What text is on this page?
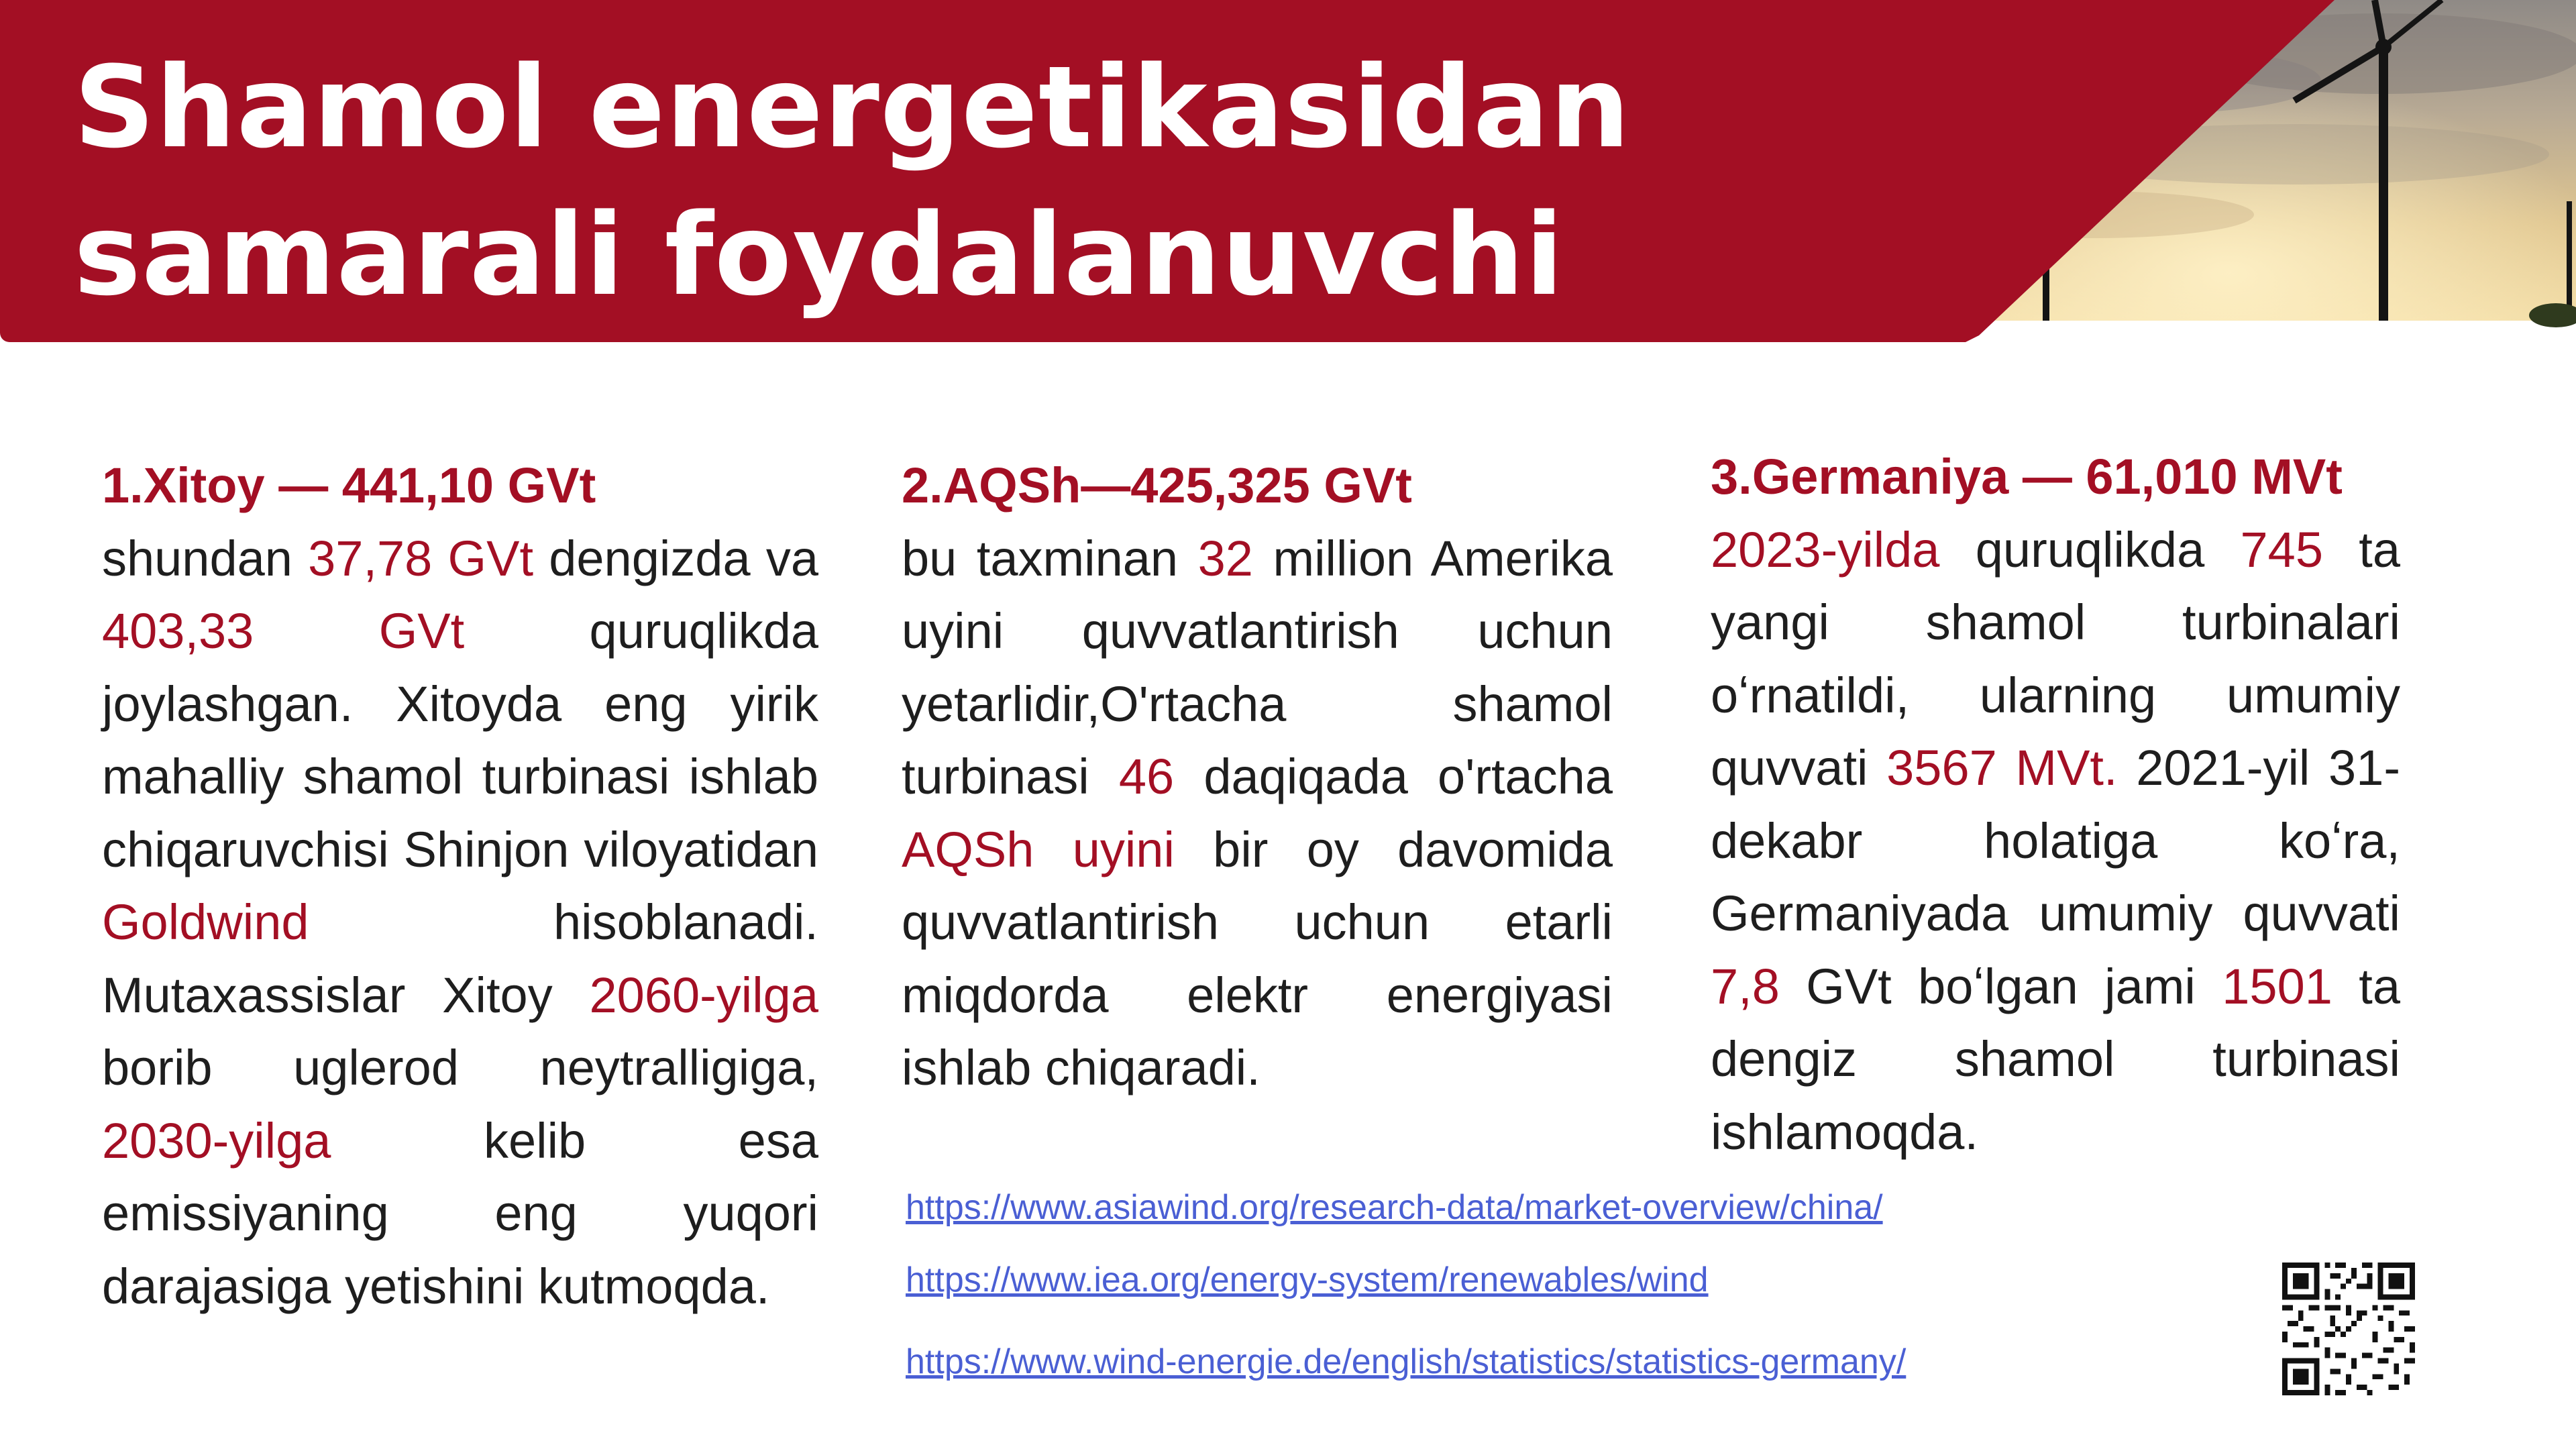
Shamol energetikasidan samarali foydalanuvchi davlatlar
1.Xitoy — 441,10 GVt
shundan 37,78 GVt dengizda va 403,33 GVt quruqlikda joylashgan. Xitoyda eng yirik mahalliy shamol turbinasi ishlab chiqaruvchisi Shinjon viloyatidan Goldwind hisoblanadi. Mutaxassislar Xitoy 2060-yilga borib uglerod neytralligiga, 2030-yilga kelib esa emissiyaning eng yuqori darajasiga yetishini kutmoqda.
2.AQSh—425,325 GVt
bu taxminan 32 million Amerika uyini quvvatlantirish uchun yetarlidir,O'rtacha shamol turbinasi 46 daqiqada o'rtacha AQSh uyini bir oy davomida quvvatlantirish uchun etarli miqdorda elektr energiyasi ishlab chiqaradi.
3.Germaniya — 61,010 MVt
2023-yilda quruqlikda 745 ta yangi shamol turbinalari oʻrnatildi, ularning umumiy quvvati 3567 MVt. 2021-yil 31-dekabr holatiga koʻra, Germaniyada umumiy quvvati 7,8 GVt boʻlgan jami 1501 ta dengiz shamol turbinasi ishlamoqda.
https://www.asiawind.org/research-data/market-overview/china/
https://www.iea.org/energy-system/renewables/wind
https://www.wind-energie.de/english/statistics/statistics-germany/
